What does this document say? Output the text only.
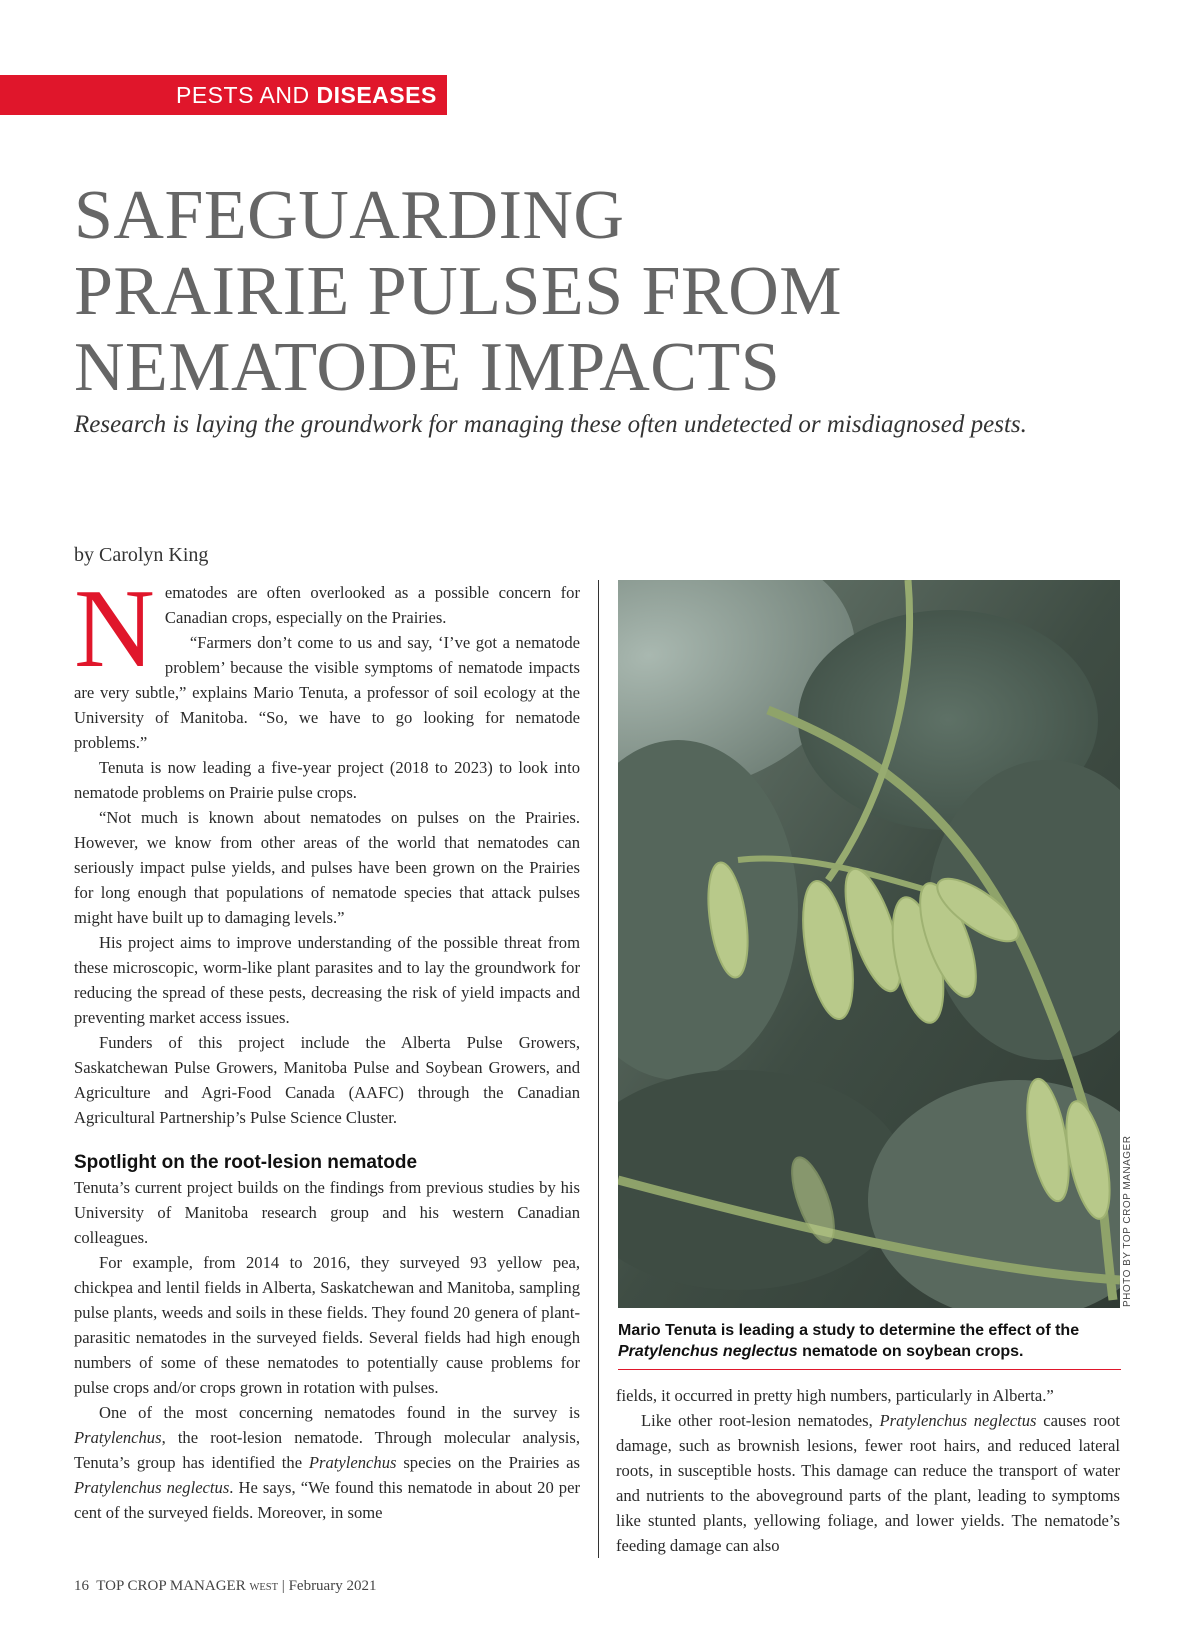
PESTS AND DISEASES
SAFEGUARDING
PRAIRIE PULSES FROM
NEMATODE IMPACTS
Research is laying the groundwork for managing these often undetected or misdiagnosed pests.
by Carolyn King

Nematodes are often overlooked as a possible concern for Canadian crops, especially on the Prairies.

“Farmers don’t come to us and say, ‘I’ve got a nematode problem’ because the visible symptoms of nematode impacts are very subtle,” explains Mario Tenuta, a professor of soil ecology at the University of Manitoba. “So, we have to go looking for nematode problems.”

Tenuta is now leading a five-year project (2018 to 2023) to look into nematode problems on Prairie pulse crops.

“Not much is known about nematodes on pulses on the Prairies. However, we know from other areas of the world that nematodes can seriously impact pulse yields, and pulses have been grown on the Prairies for long enough that populations of nematode species that attack pulses might have built up to damaging levels.”

His project aims to improve understanding of the possible threat from these microscopic, worm-like plant parasites and to lay the groundwork for reducing the spread of these pests, decreasing the risk of yield impacts and preventing market access issues.

Funders of this project include the Alberta Pulse Growers, Saskatchewan Pulse Growers, Manitoba Pulse and Soybean Growers, and Agriculture and Agri-Food Canada (AAFC) through the Canadian Agricultural Partnership’s Pulse Science Cluster.

Spotlight on the root-lesion nematode

Tenuta’s current project builds on the findings from previous studies by his University of Manitoba research group and his western Canadian colleagues.

For example, from 2014 to 2016, they surveyed 93 yellow pea, chickpea and lentil fields in Alberta, Saskatchewan and Manitoba, sampling pulse plants, weeds and soils in these fields. They found 20 genera of plant-parasitic nematodes in the surveyed fields. Several fields had high enough numbers of some of these nematodes to potentially cause problems for pulse crops and/or crops grown in rotation with pulses.

One of the most concerning nematodes found in the survey is Pratylenchus, the root-lesion nematode. Through molecular analysis, Tenuta’s group has identified the Pratylenchus species on the Prairies as Pratylenchus neglectus. He says, “We found this nematode in about 20 per cent of the surveyed fields. Moreover, in some

PHOTO BY TOP CROP MANAGER
Mario Tenuta is leading a study to determine the effect of the Pratylenchus neglectus nematode on soybean crops.

fields, it occurred in pretty high numbers, particularly in Alberta.”

Like other root-lesion nematodes, Pratylenchus neglectus causes root damage, such as brownish lesions, fewer root hairs, and reduced lateral roots, in susceptible hosts. This damage can reduce the transport of water and nutrients to the aboveground parts of the plant, leading to symptoms like stunted plants, yellowing foliage, and lower yields. The nematode’s feeding damage can also

16 TOP CROP MANAGER WEST | February 2021
